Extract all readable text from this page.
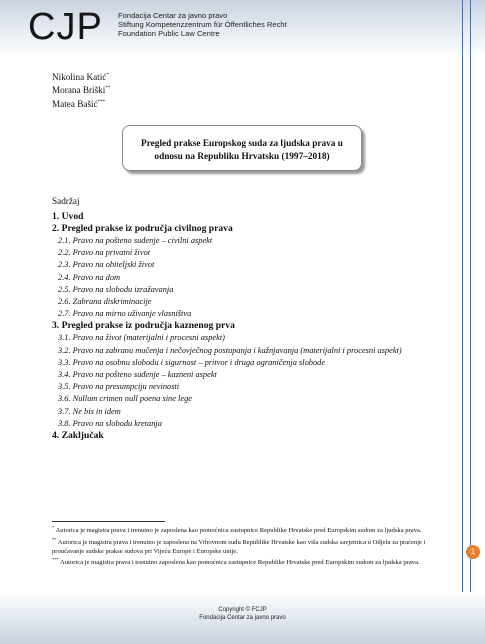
CJP Fondacija Centar za javno pravo
Stiftung Kompetenzzentrum für Öffentliches Recht
Foundation Public Law Centre
Nikolina Katić*
Morana Briški**
Matea Bašić***
Pregled prakse Europskog suda za ljudska prava u
odnosu na Republiku Hrvatsku (1997–2018)
Sadržaj
1. Uvod
2. Pregled prakse iz područja civilnog prava
2.1. Pravo na pošteno suđenje – civilni aspekt
2.2. Pravo na privatni život
2.3. Pravo na obiteljski život
2.4. Pravo na dom
2.5. Pravo na slobodu izražavanja
2.6. Zabrana diskriminacije
2.7. Pravo na mirno uživanje vlasništva
3. Pregled prakse iz područja kaznenog prva
3.1. Pravo na život (materijalni i procesni aspekt)
3.2. Pravo na zabranu mučenja i nečovječnog postupanja i kažnjavanja (materijalni i procesni aspekt)
3.3. Pravo na osobnu slobodu i sigurnost – pritvor i druga ograničenja slobode
3.4. Pravo na pošteno suđenje – kazneni aspekt
3.5. Pravo na presumpciju nevinosti
3.6. Nullum crimen null poena sine lege
3.7. Ne bis in idem
3.8. Pravo na slobodu kretanja
4. Zaključak
* Autorica je magistra prava i trenutno je zaposlena kao pomoćnica zastupnice Republike Hrvatske pred Europskim sudom za ljudska prava.
** Autorica je magistra prava i trenutno je zaposlena na Vrhovnom sudu Republike Hrvatske kao viša sudska savjetnica u Odjelu za praćenje i proučavanje sudske prakse sudova pri Vijeću Europe i Europske unije.
*** Autorica je magistra prava i trenutno zaposlena kao pomoćnica zastupnice Republike Hrvatske pred Europskim sudom za ljudska prava.
1
Copyright © FCJP
Fondacija Centar za javno pravo
